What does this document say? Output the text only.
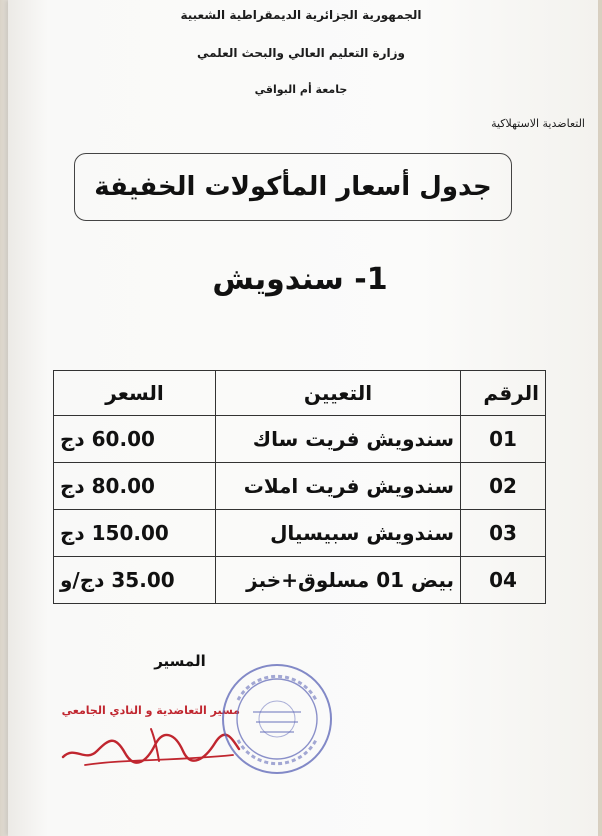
الجمهورية الجزائرية الديمقراطية الشعبية
وزارة التعليم العالي والبحث العلمي
جامعة أم البواقي
التعاضدية الاستهلاكية
جدول أسعار المأكولات الخفيفة
1- سندويش
الرقم	التعيين	السعر
01	سندويش فريت ساك	60.00 دج
02	سندويش فريت املات	80.00 دج
03	سندويش سبيسيال	150.00 دج
04	بيض 01 مسلوق+خبز	35.00 دج/و
المسير
مسير التعاضدية و النادي الجامعي
